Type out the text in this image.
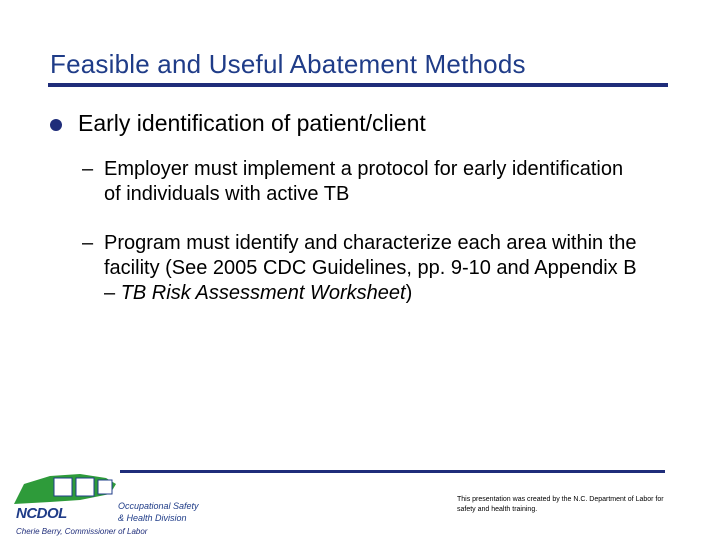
Feasible and Useful Abatement Methods
Early identification of patient/client
– Employer must implement a protocol for early identification of individuals with active TB
– Program must identify and characterize each area within the facility (See 2005 CDC Guidelines, pp. 9-10 and Appendix B – TB Risk Assessment Worksheet)
NCDOL	Occupational Safety
& Health Division
Cherie Berry, Commissioner of Labor
This presentation was created by the N.C. Department of Labor for safety and health training.
